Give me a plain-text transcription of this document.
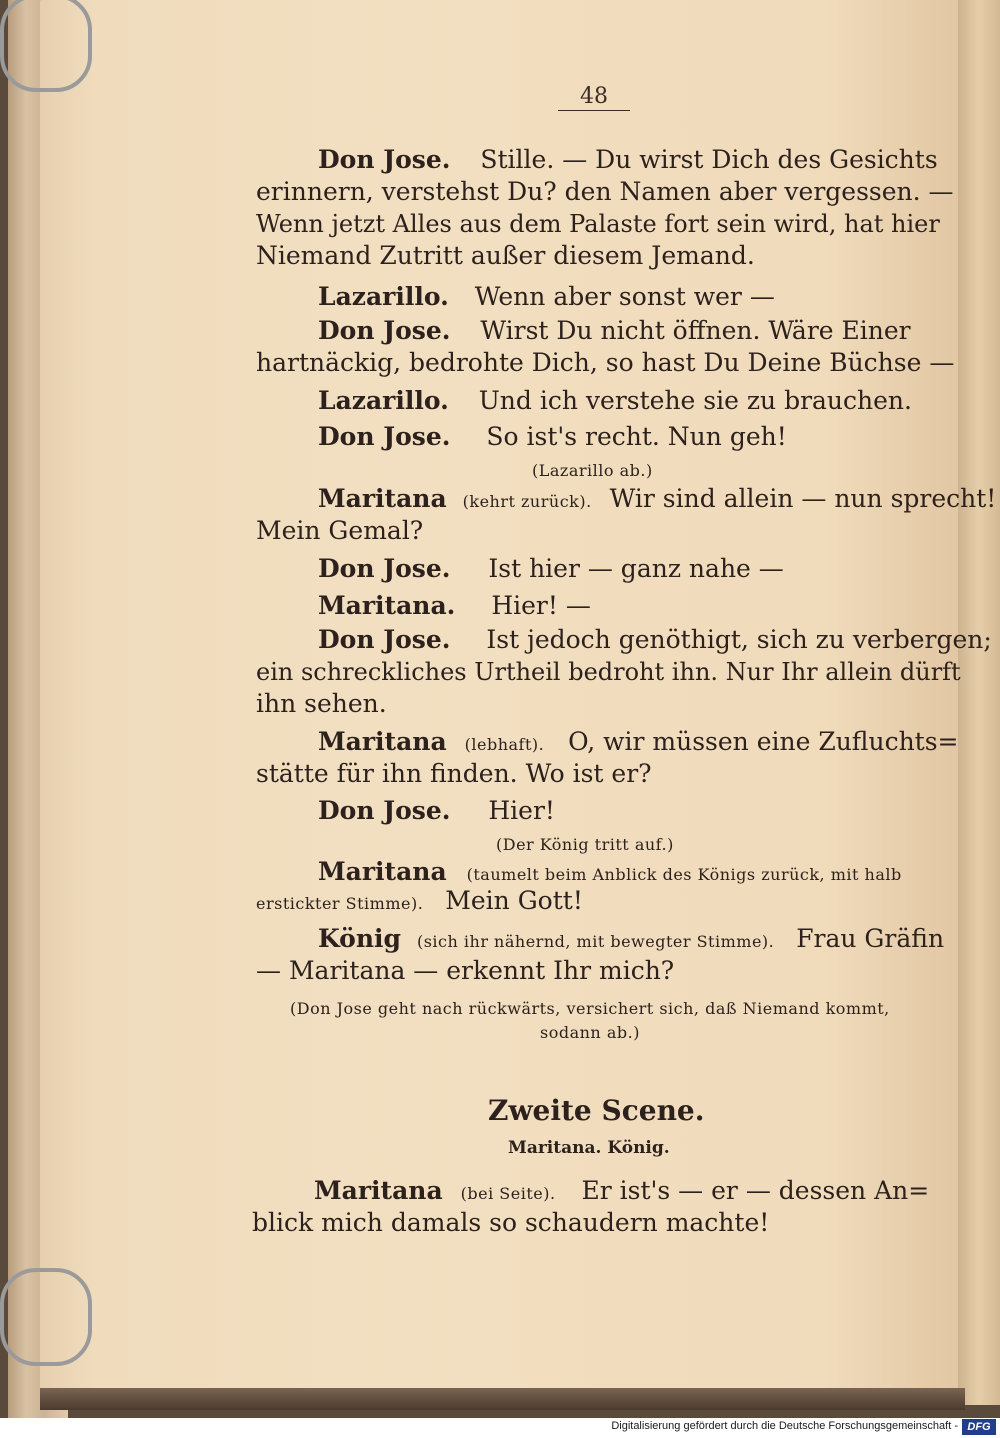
48
Don Jose. Stille. — Du wirst Dich des Gesichts
erinnern, verstehst Du? den Namen aber vergessen. —
Wenn jetzt Alles aus dem Palaste fort sein wird, hat hier
Niemand Zutritt außer diesem Jemand.
Lazarillo. Wenn aber sonst wer —
Don Jose. Wirst Du nicht öffnen. Wäre Einer
hartnäckig, bedrohte Dich, so hast Du Deine Büchse —
Lazarillo. Und ich verstehe sie zu brauchen.
Don Jose. So ist's recht. Nun geh!
(Lazarillo ab.)
Maritana (kehrt zurück). Wir sind allein — nun sprecht!
Mein Gemal?
Don Jose. Ist hier — ganz nahe —
Maritana. Hier! —
Don Jose. Ist jedoch genöthigt, sich zu verbergen;
ein schreckliches Urtheil bedroht ihn. Nur Ihr allein dürft
ihn sehen.
Maritana (lebhaft). O, wir müssen eine Zufluchts=
stätte für ihn finden. Wo ist er?
Don Jose. Hier!
(Der König tritt auf.)
Maritana (taumelt beim Anblick des Königs zurück, mit halb
erstickter Stimme). Mein Gott!
König (sich ihr nähernd, mit bewegter Stimme). Frau Gräfin
— Maritana — erkennt Ihr mich?
(Don Jose geht nach rückwärts, versichert sich, daß Niemand kommt,
sodann ab.)
Zweite Scene.
Maritana. König.
Maritana (bei Seite). Er ist's — er — dessen An=
blick mich damals so schaudern machte!
Digitalisierung gefördert durch die Deutsche Forschungsgemeinschaft - DFG
